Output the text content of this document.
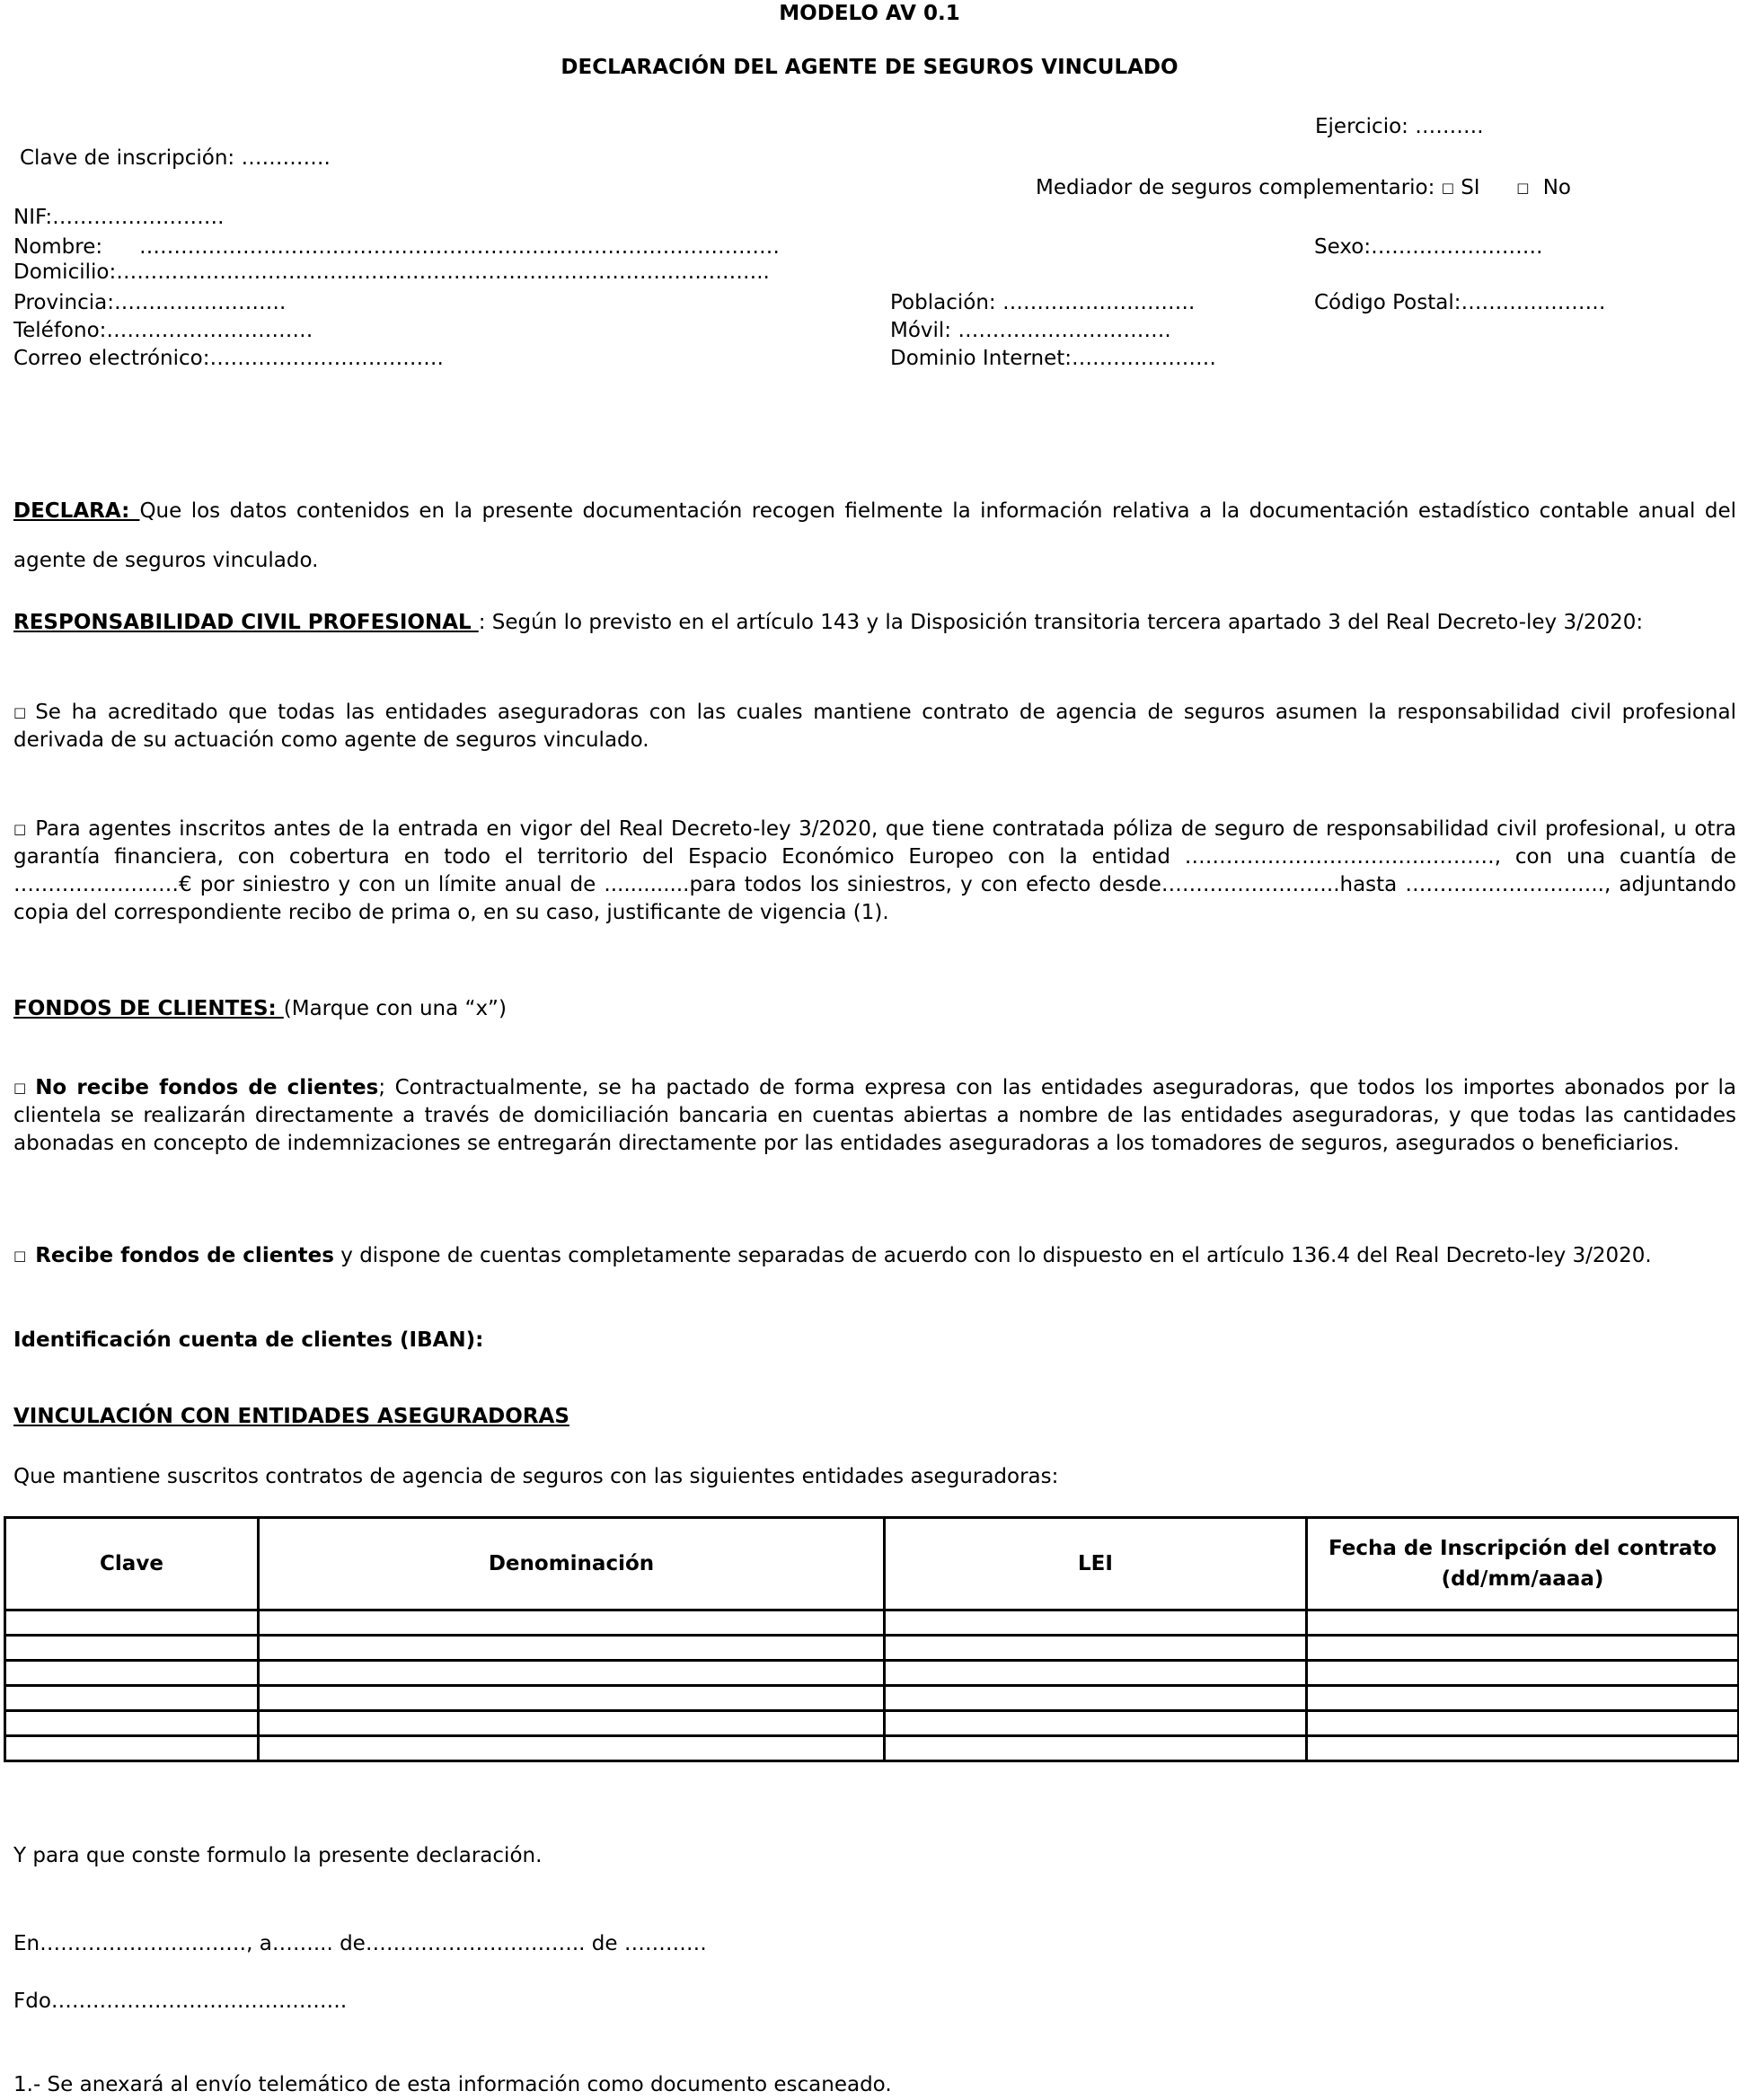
MODELO AV 0.1
DECLARACIÓN DEL AGENTE DE SEGUROS VINCULADO
Ejercicio: ……….
Clave de inscripción: ………….
Mediador de seguros complementario: □ SI	□ No
NIF:…………………….
Nombre: …………………………………………………………………………………	Sexo:…………………….
Domicilio:…………………………………………………………………………………..
Provincia:…………………….	Población: ……………………….	Código Postal:…………………
Teléfono:…………………………	Móvil: ………………………….
Correo electrónico:…………………………….	Dominio Internet:…………………
DECLARA: Que los datos contenidos en la presente documentación recogen fielmente la información relativa a la documentación estadístico contable anual del agente de seguros vinculado.
RESPONSABILIDAD CIVIL PROFESIONAL : Según lo previsto en el artículo 143 y la Disposición transitoria tercera apartado 3 del Real Decreto-ley 3/2020:
□ Se ha acreditado que todas las entidades aseguradoras con las cuales mantiene contrato de agencia de seguros asumen la responsabilidad civil profesional derivada de su actuación como agente de seguros vinculado.
□ Para agentes inscritos antes de la entrada en vigor del Real Decreto-ley 3/2020, que tiene contratada póliza de seguro de responsabilidad civil profesional, u otra garantía financiera, con cobertura en todo el territorio del Espacio Económico Europeo con la entidad ………………………………………, con una cuantía de ……………………€ por siniestro y con un límite anual de .............para todos los siniestros, y con efecto desde……………………..hasta ……………………….., adjuntando copia del correspondiente recibo de prima o, en su caso, justificante de vigencia (1).
FONDOS DE CLIENTES: (Marque con una “x”)
□ No recibe fondos de clientes; Contractualmente, se ha pactado de forma expresa con las entidades aseguradoras, que todos los importes abonados por la clientela se realizarán directamente a través de domiciliación bancaria en cuentas abiertas a nombre de las entidades aseguradoras, y que todas las cantidades abonadas en concepto de indemnizaciones se entregarán directamente por las entidades aseguradoras a los tomadores de seguros, asegurados o beneficiarios.
□ Recibe fondos de clientes y dispone de cuentas completamente separadas de acuerdo con lo dispuesto en el artículo 136.4 del Real Decreto-ley 3/2020.
Identificación cuenta de clientes (IBAN):
VINCULACIÓN CON ENTIDADES ASEGURADORAS
Que mantiene suscritos contratos de agencia de seguros con las siguientes entidades aseguradoras:
Clave	Denominación	LEI	Fecha de Inscripción del contrato (dd/mm/aaaa)

Y para que conste formulo la presente declaración.
En…………………………, a……... de………………………….. de …………
Fdo…………………………………….
1.- Se anexará al envío telemático de esta información como documento escaneado.
